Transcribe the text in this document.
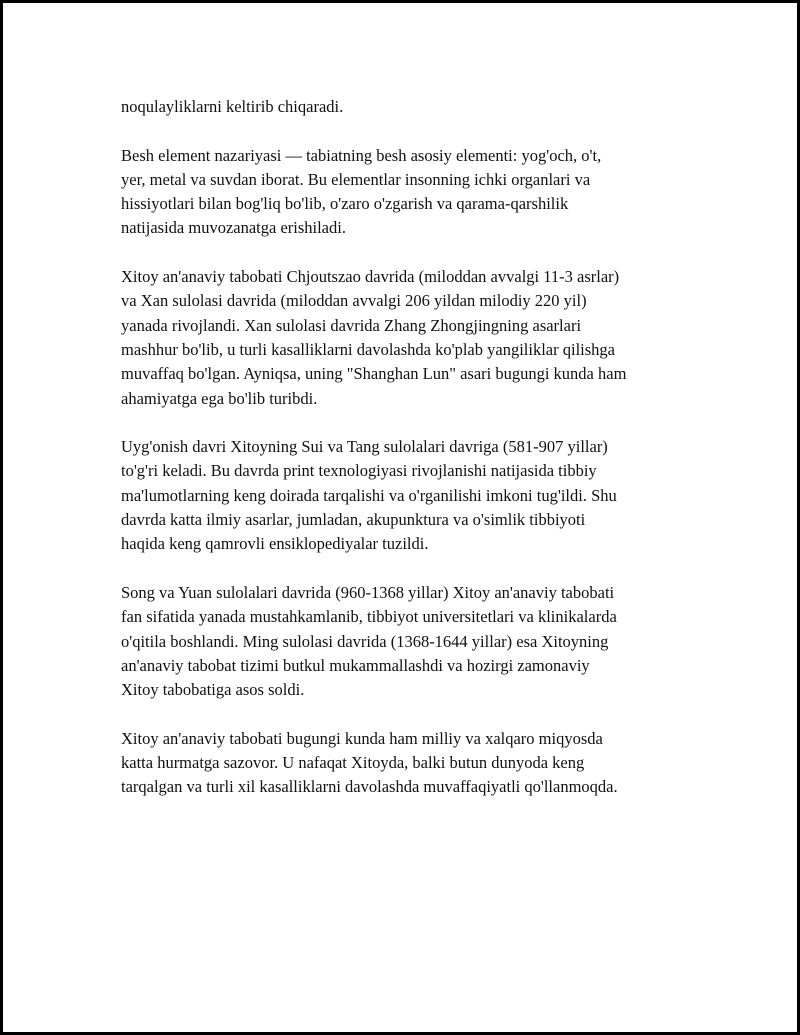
noqulayliklarni keltirib chiqaradi.

Besh element nazariyasi — tabiatning besh asosiy elementi: yog'och, o't,
yer, metal va suvdan iborat. Bu elementlar insonning ichki organlari va
hissiyotlari bilan bog'liq bo'lib, o'zaro o'zgarish va qarama-qarshilik
natijasida muvozanatga erishiladi.

Xitoy an'anaviy tabobati Chjoutszao davrida (miloddan avvalgi 11-3 asrlar)
va Xan sulolasi davrida (miloddan avvalgi 206 yildan milodiy 220 yil)
yanada rivojlandi. Xan sulolasi davrida Zhang Zhongjingning asarlari
mashhur bo'lib, u turli kasalliklarni davolashda ko'plab yangiliklar qilishga
muvaffaq bo'lgan. Ayniqsa, uning "Shanghan Lun" asari bugungi kunda ham
ahamiyatga ega bo'lib turibdi.

Uyg'onish davri Xitoyning Sui va Tang sulolalari davriga (581-907 yillar)
to'g'ri keladi. Bu davrda print texnologiyasi rivojlanishi natijasida tibbiy
ma'lumotlarning keng doirada tarqalishi va o'rganilishi imkoni tug'ildi. Shu
davrda katta ilmiy asarlar, jumladan, akupunktura va o'simlik tibbiyoti
haqida keng qamrovli ensiklopediyalar tuzildi.

Song va Yuan sulolalari davrida (960-1368 yillar) Xitoy an'anaviy tabobati
fan sifatida yanada mustahkamlanib, tibbiyot universitetlari va klinikalarda
o'qitila boshlandi. Ming sulolasi davrida (1368-1644 yillar) esa Xitoyning
an'anaviy tabobat tizimi butkul mukammallashdi va hozirgi zamonaviy
Xitoy tabobatiga asos soldi.

Xitoy an'anaviy tabobati bugungi kunda ham milliy va xalqaro miqyosda
katta hurmatga sazovor. U nafaqat Xitoyda, balki butun dunyoda keng
tarqalgan va turli xil kasalliklarni davolashda muvaffaqiyatli qo'llanmoqda.
